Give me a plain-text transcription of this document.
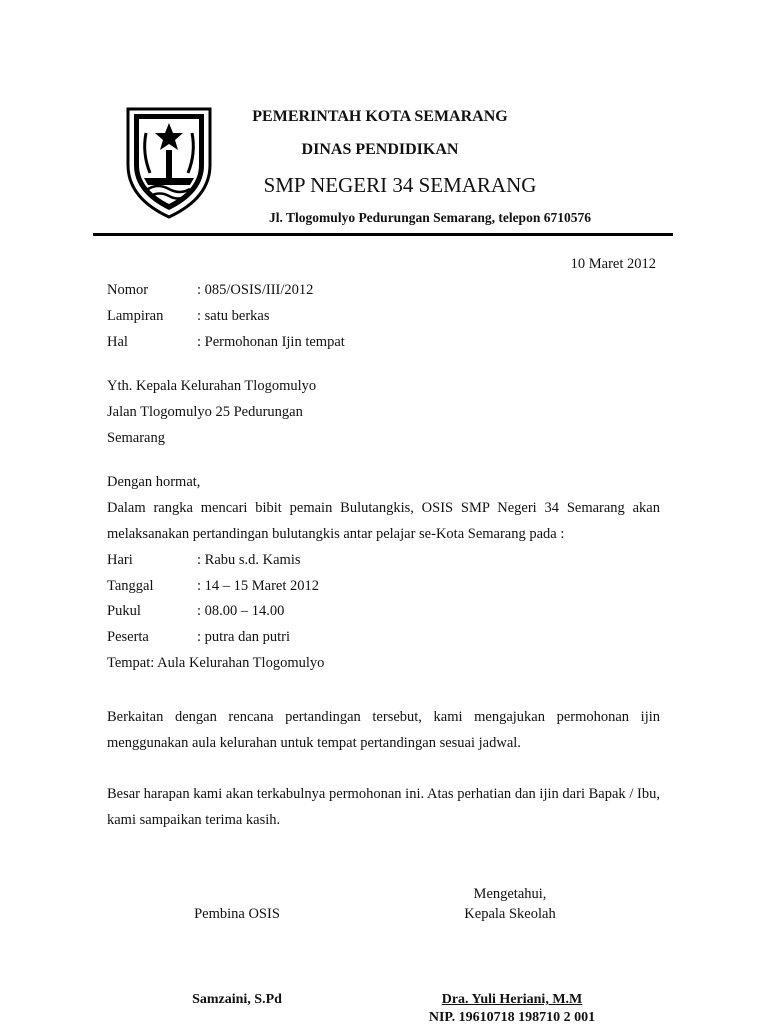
PEMERINTAH KOTA SEMARANG
DINAS PENDIDIKAN
SMP NEGERI 34 SEMARANG
Jl. Tlogomulyo Pedurungan Semarang, telepon 6710576
10 Maret 2012
Nomor	: 085/OSIS/III/2012
Lampiran : satu berkas
Hal	: Permohonan Ijin tempat
Yth. Kepala Kelurahan Tlogomulyo
Jalan Tlogomulyo 25 Pedurungan
Semarang
Dengan hormat,
Dalam rangka mencari bibit pemain Bulutangkis, OSIS SMP Negeri 34 Semarang akan melaksanakan pertandingan bulutangkis antar pelajar se-Kota Semarang pada :
Hari	: Rabu s.d. Kamis
Tanggal	: 14 – 15 Maret 2012
Pukul	: 08.00 – 14.00
Peserta	: putra dan putri
Tempat: Aula Kelurahan Tlogomulyo
Berkaitan dengan rencana pertandingan tersebut, kami mengajukan permohonan ijin menggunakan aula kelurahan untuk tempat pertandingan sesuai jadwal.
Besar harapan kami akan terkabulnya permohonan ini. Atas perhatian dan ijin dari Bapak / Ibu, kami sampaikan terima kasih.
Mengetahui,
Pembina OSIS	Kepala Skeolah
Samzaini, S.Pd	Dra. Yuli Heriani, M.M
NIP. 19610718 198710 2 001
